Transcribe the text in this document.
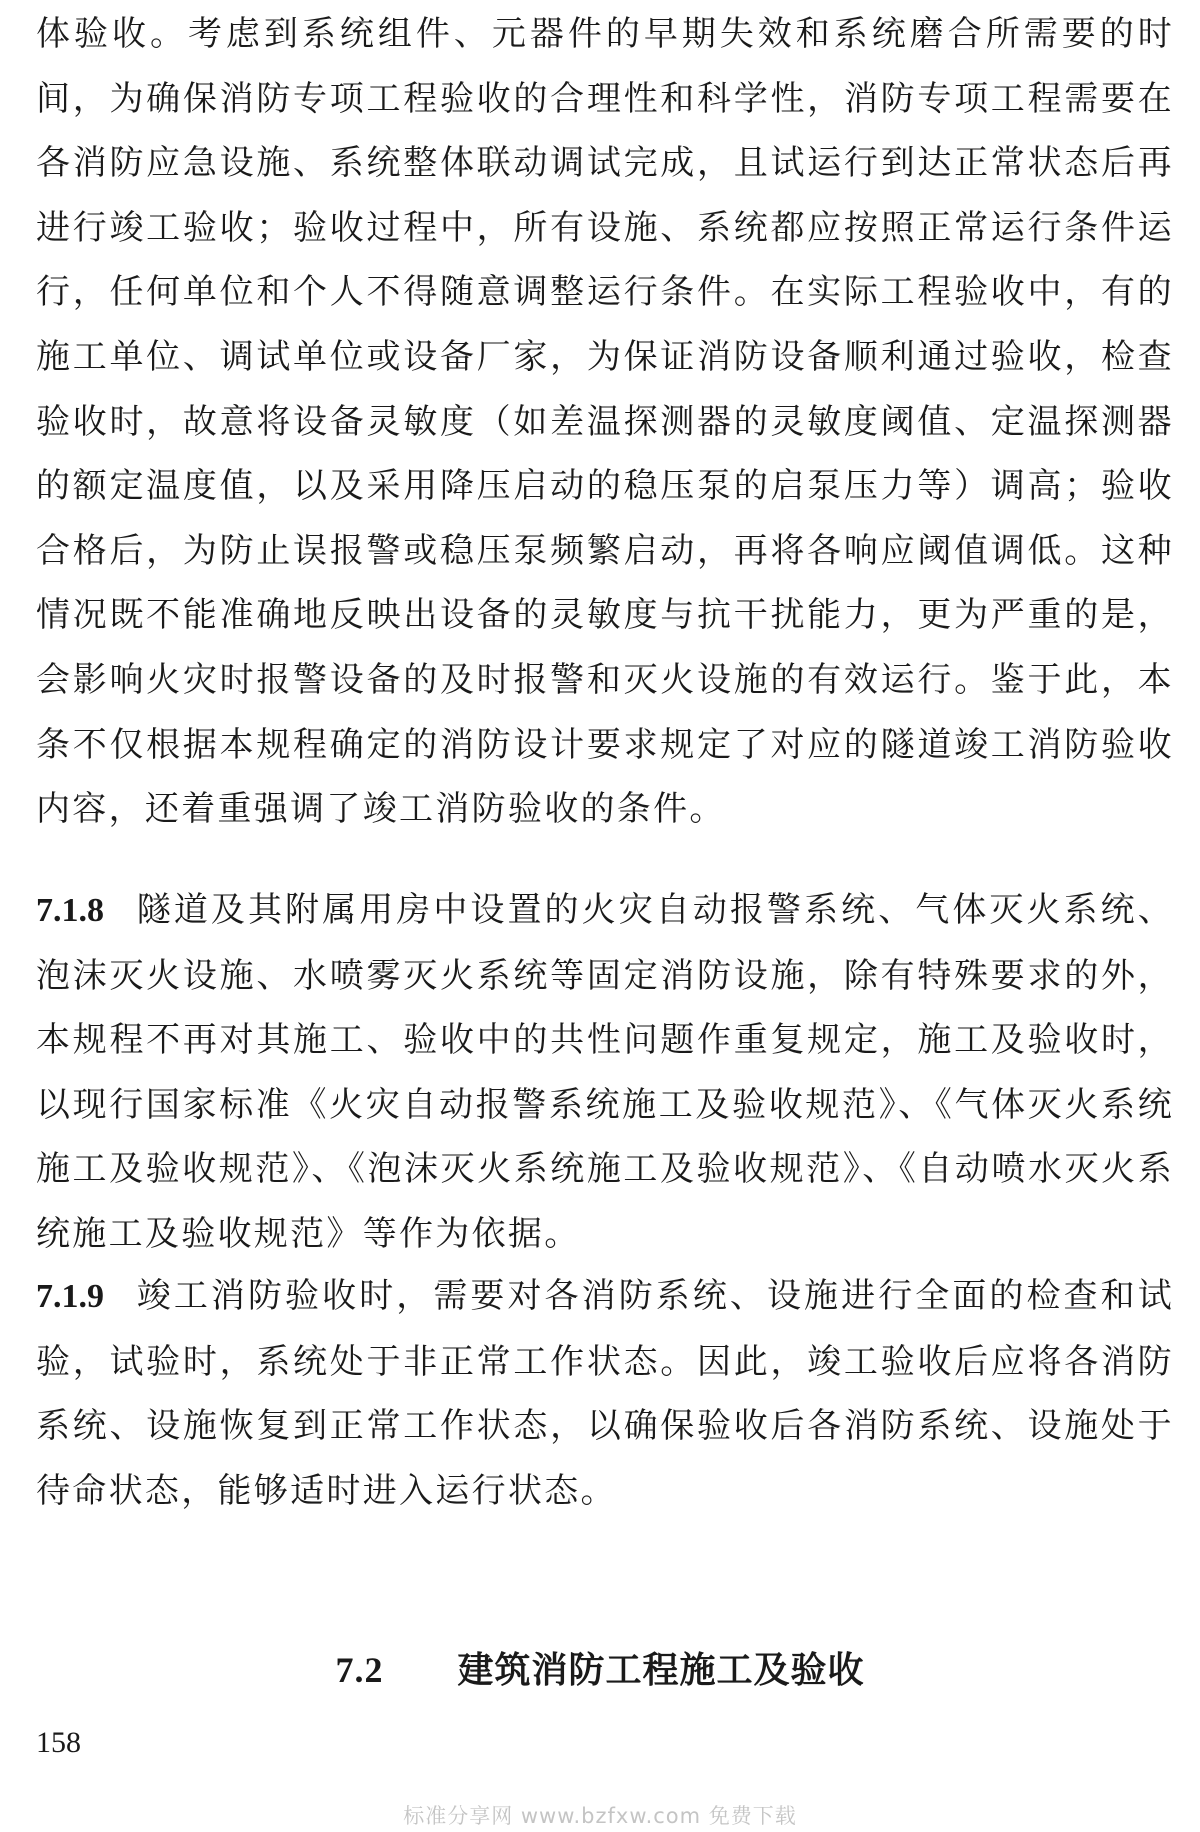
体验收。考虑到系统组件、元器件的早期失效和系统磨合所需要的时间，为确保消防专项工程验收的合理性和科学性，消防专项工程需要在各消防应急设施、系统整体联动调试完成，且试运行到达正常状态后再进行竣工验收；验收过程中，所有设施、系统都应按照正常运行条件运行，任何单位和个人不得随意调整运行条件。在实际工程验收中，有的施工单位、调试单位或设备厂家，为保证消防设备顺利通过验收，检查验收时，故意将设备灵敏度（如差温探测器的灵敏度阈值、定温探测器的额定温度值，以及采用降压启动的稳压泵的启泵压力等）调高；验收合格后，为防止误报警或稳压泵频繁启动，再将各响应阈值调低。这种情况既不能准确地反映出设备的灵敏度与抗干扰能力，更为严重的是，会影响火灾时报警设备的及时报警和灭火设施的有效运行。鉴于此，本条不仅根据本规程确定的消防设计要求规定了对应的隧道竣工消防验收内容，还着重强调了竣工消防验收的条件。

7.1.8 隧道及其附属用房中设置的火灾自动报警系统、气体灭火系统、泡沫灭火设施、水喷雾灭火系统等固定消防设施，除有特殊要求的外，本规程不再对其施工、验收中的共性问题作重复规定，施工及验收时，以现行国家标准《火灾自动报警系统施工及验收规范》、《气体灭火系统施工及验收规范》、《泡沫灭火系统施工及验收规范》、《自动喷水灭火系统施工及验收规范》等作为依据。

7.1.9 竣工消防验收时，需要对各消防系统、设施进行全面的检查和试验，试验时，系统处于非正常工作状态。因此，竣工验收后应将各消防系统、设施恢复到正常工作状态，以确保验收后各消防系统、设施处于待命状态，能够适时进入运行状态。

7.2 建筑消防工程施工及验收
158
标准分享网 www.bzfxw.com 免费下载
